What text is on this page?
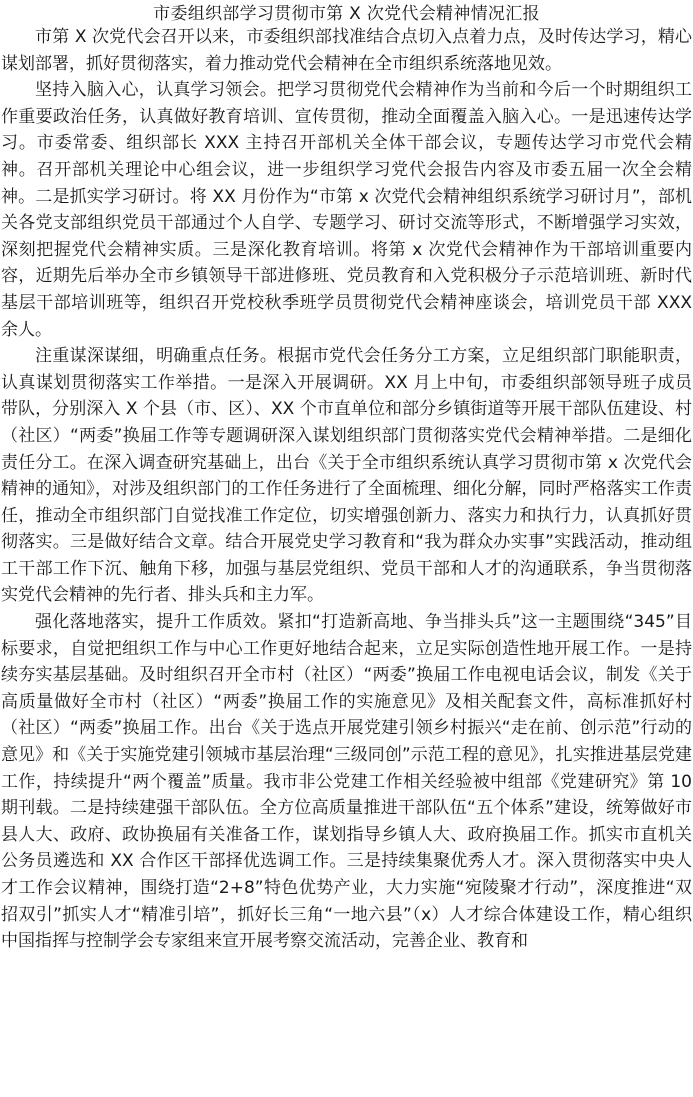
市委组织部学习贯彻市第 X 次党代会精神情况汇报

市第 X 次党代会召开以来，市委组织部找准结合点切入点着力点，及时传达学习，精心谋划部署，抓好贯彻落实，着力推动党代会精神在全市组织系统落地见效。

坚持入脑入心，认真学习领会。把学习贯彻党代会精神作为当前和今后一个时期组织工作重要政治任务，认真做好教育培训、宣传贯彻，推动全面覆盖入脑入心。一是迅速传达学习。市委常委、组织部长 XXX 主持召开部机关全体干部会议，专题传达学习市党代会精神。召开部机关理论中心组会议，进一步组织学习党代会报告内容及市委五届一次全会精神。二是抓实学习研讨。将 XX 月份作为“市第 x 次党代会精神组织系统学习研讨月”，部机关各党支部组织党员干部通过个人自学、专题学习、研讨交流等形式，不断增强学习实效，深刻把握党代会精神实质。三是深化教育培训。将第 x 次党代会精神作为干部培训重要内容，近期先后举办全市乡镇领导干部进修班、党员教育和入党积极分子示范培训班、新时代基层干部培训班等，组织召开党校秋季班学员贯彻党代会精神座谈会，培训党员干部 XXX 余人。

注重谋深谋细，明确重点任务。根据市党代会任务分工方案，立足组织部门职能职责，认真谋划贯彻落实工作举措。一是深入开展调研。XX 月上中旬，市委组织部领导班子成员带队，分别深入 X 个县（市、区）、XX 个市直单位和部分乡镇街道等开展干部队伍建设、村（社区）“两委”换届工作等专题调研深入谋划组织部门贯彻落实党代会精神举措。二是细化责任分工。在深入调查研究基础上，出台《关于全市组织系统认真学习贯彻市第 x 次党代会精神的通知》，对涉及组织部门的工作任务进行了全面梳理、细化分解，同时严格落实工作责任，推动全市组织部门自觉找准工作定位，切实增强创新力、落实力和执行力，认真抓好贯彻落实。三是做好结合文章。结合开展党史学习教育和“我为群众办实事”实践活动，推动组工干部工作下沉、触角下移，加强与基层党组织、党员干部和人才的沟通联系，争当贯彻落实党代会精神的先行者、排头兵和主力军。

强化落地落实，提升工作质效。紧扣“打造新高地、争当排头兵”这一主题围绕“345”目标要求，自觉把组织工作与中心工作更好地结合起来，立足实际创造性地开展工作。一是持续夯实基层基础。及时组织召开全市村（社区）“两委”换届工作电视电话会议，制发《关于高质量做好全市村（社区）“两委”换届工作的实施意见》及相关配套文件，高标准抓好村（社区）“两委”换届工作。出台《关于选点开展党建引领乡村振兴“走在前、创示范”行动的意见》和《关于实施党建引领城市基层治理“三级同创”示范工程的意见》，扎实推进基层党建工作，持续提升“两个覆盖”质量。我市非公党建工作相关经验被中组部《党建研究》第 10 期刊载。二是持续建强干部队伍。全方位高质量推进干部队伍“五个体系”建设，统筹做好市县人大、政府、政协换届有关准备工作，谋划指导乡镇人大、政府换届工作。抓实市直机关公务员遴选和 XX 合作区干部择优选调工作。三是持续集聚优秀人才。深入贯彻落实中央人才工作会议精神，围绕打造“2+8”特色优势产业，大力实施“宛陵聚才行动”，深度推进“双招双引”抓实人才“精准引培”，抓好长三角“一地六县”（x）人才综合体建设工作，精心组织中国指挥与控制学会专家组来宣开展考察交流活动，完善企业、教育和
